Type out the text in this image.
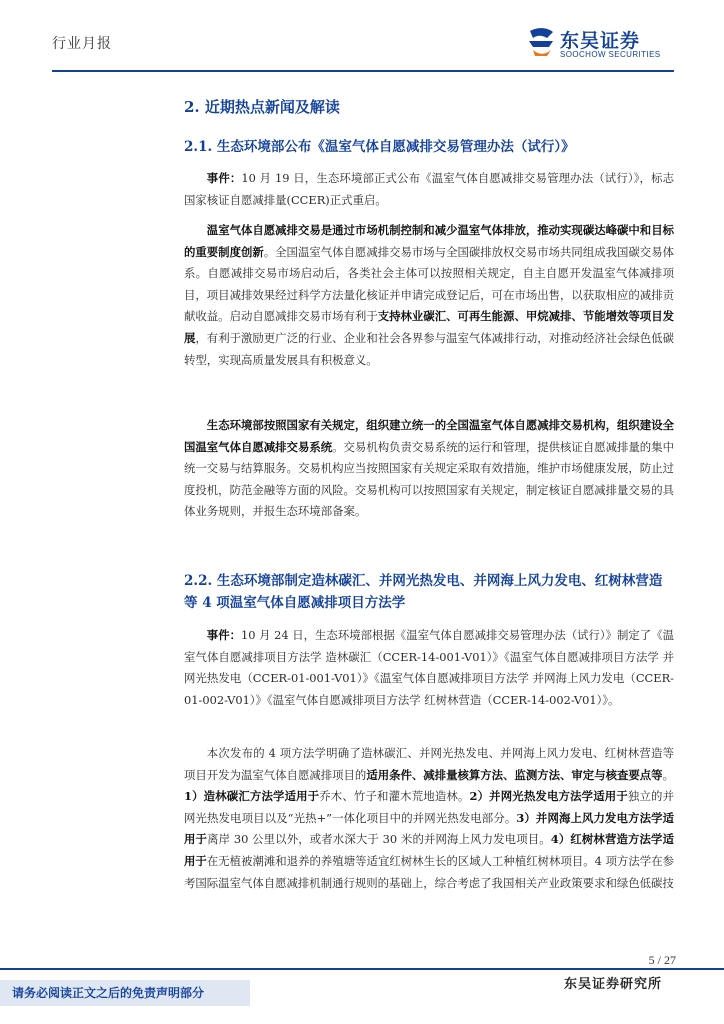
行业月报	东吴证券
SOOCHOW SECURITIES
2. 近期热点新闻及解读
2.1. 生态环境部公布《温室气体自愿减排交易管理办法（试行）》
事件：10 月 19 日，生态环境部正式公布《温室气体自愿减排交易管理办法（试行）》，标志国家核证自愿减排量(CCER)正式重启。
温室气体自愿减排交易是通过市场机制控制和减少温室气体排放，推动实现碳达峰碳中和目标的重要制度创新。全国温室气体自愿减排交易市场与全国碳排放权交易市场共同组成我国碳交易体系。自愿减排交易市场启动后，各类社会主体可以按照相关规定，自主自愿开发温室气体减排项目，项目减排效果经过科学方法量化核证并申请完成登记后，可在市场出售，以获取相应的减排贡献收益。启动自愿减排交易市场有利于支持林业碳汇、可再生能源、甲烷减排、节能增效等项目发展，有利于激励更广泛的行业、企业和社会各界参与温室气体减排行动，对推动经济社会绿色低碳转型，实现高质量发展具有积极意义。
生态环境部按照国家有关规定，组织建立统一的全国温室气体自愿减排交易机构，组织建设全国温室气体自愿减排交易系统。交易机构负责交易系统的运行和管理，提供核证自愿减排量的集中统一交易与结算服务。交易机构应当按照国家有关规定采取有效措施，维护市场健康发展，防止过度投机，防范金融等方面的风险。交易机构可以按照国家有关规定，制定核证自愿减排量交易的具体业务规则，并报生态环境部备案。
2.2. 生态环境部制定造林碳汇、并网光热发电、并网海上风力发电、红树林营造等 4 项温室气体自愿减排项目方法学
事件：10 月 24 日，生态环境部根据《温室气体自愿减排交易管理办法（试行）》制定了《温室气体自愿减排项目方法学 造林碳汇（CCER-14-001-V01）》《温室气体自愿减排项目方法学 并网光热发电（CCER-01-001-V01）》《温室气体自愿减排项目方法学 并网海上风力发电（CCER-01-002-V01）》《温室气体自愿减排项目方法学 红树林营造（CCER-14-002-V01）》。
本次发布的 4 项方法学明确了造林碳汇、并网光热发电、并网海上风力发电、红树林营造等项目开发为温室气体自愿减排项目的适用条件、减排量核算方法、监测方法、审定与核查要点等。1）造林碳汇方法学适用于乔木、竹子和灌木荒地造林。2）并网光热发电方法学适用于独立的并网光热发电项目以及“光热+”一体化项目中的并网光热发电部分。3）并网海上风力发电方法学适用于离岸 30 公里以外，或者水深大于 30 米的并网海上风力发电项目。4）红树林营造方法学适用于在无植被潮滩和退养的养殖塘等适宜红树林生长的区域人工种植红树林项目。4 项方法学在参考国际温室气体自愿减排机制通行规则的基础上，综合考虑了我国相关产业政策要求和绿色低碳技
5 / 27
请务必阅读正文之后的免责声明部分
东吴证券研究所
